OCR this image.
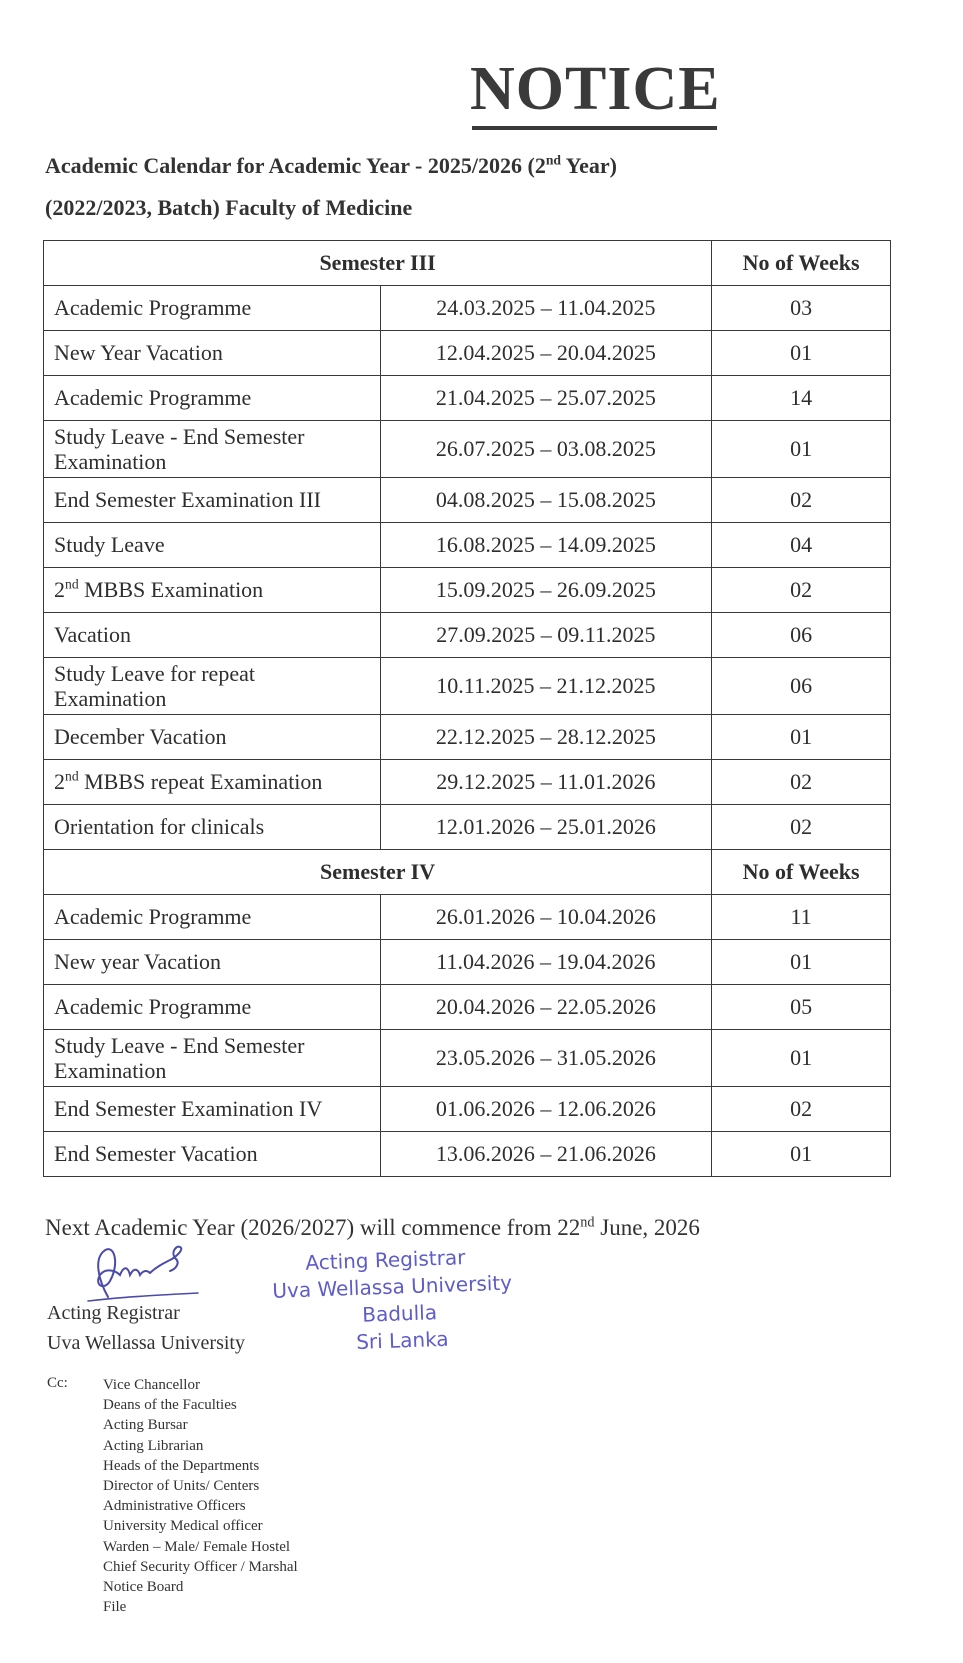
NOTICE
Academic Calendar for Academic Year - 2025/2026 (2nd Year)
(2022/2023, Batch) Faculty of Medicine
Semester III		No of Weeks
Academic Programme	24.03.2025 – 11.04.2025	03
New Year Vacation	12.04.2025 – 20.04.2025	01
Academic Programme	21.04.2025 – 25.07.2025	14
Study Leave - End Semester Examination	26.07.2025 – 03.08.2025	01
End Semester Examination III	04.08.2025 – 15.08.2025	02
Study Leave	16.08.2025 – 14.09.2025	04
2nd MBBS Examination	15.09.2025 – 26.09.2025	02
Vacation	27.09.2025 – 09.11.2025	06
Study Leave for repeat Examination	10.11.2025 – 21.12.2025	06
December Vacation	22.12.2025 – 28.12.2025	01
2nd MBBS repeat Examination	29.12.2025 – 11.01.2026	02
Orientation for clinicals	12.01.2026 – 25.01.2026	02
Semester IV		No of Weeks
Academic Programme	26.01.2026 – 10.04.2026	11
New year Vacation	11.04.2026 – 19.04.2026	01
Academic Programme	20.04.2026 – 22.05.2026	05
Study Leave - End Semester Examination	23.05.2026 – 31.05.2026	01
End Semester Examination IV	01.06.2026 – 12.06.2026	02
End Semester Vacation	13.06.2026 – 21.06.2026	01
Next Academic Year (2026/2027) will commence from 22nd June, 2026
Acting Registrar
Uva Wellassa University
Acting Registrar
Uva Wellassa University
Badulla
Sri Lanka
Cc: Vice Chancellor
Deans of the Faculties
Acting Bursar
Acting Librarian
Heads of the Departments
Director of Units/ Centers
Administrative Officers
University Medical officer
Warden – Male/ Female Hostel
Chief Security Officer / Marshal
Notice Board
File
